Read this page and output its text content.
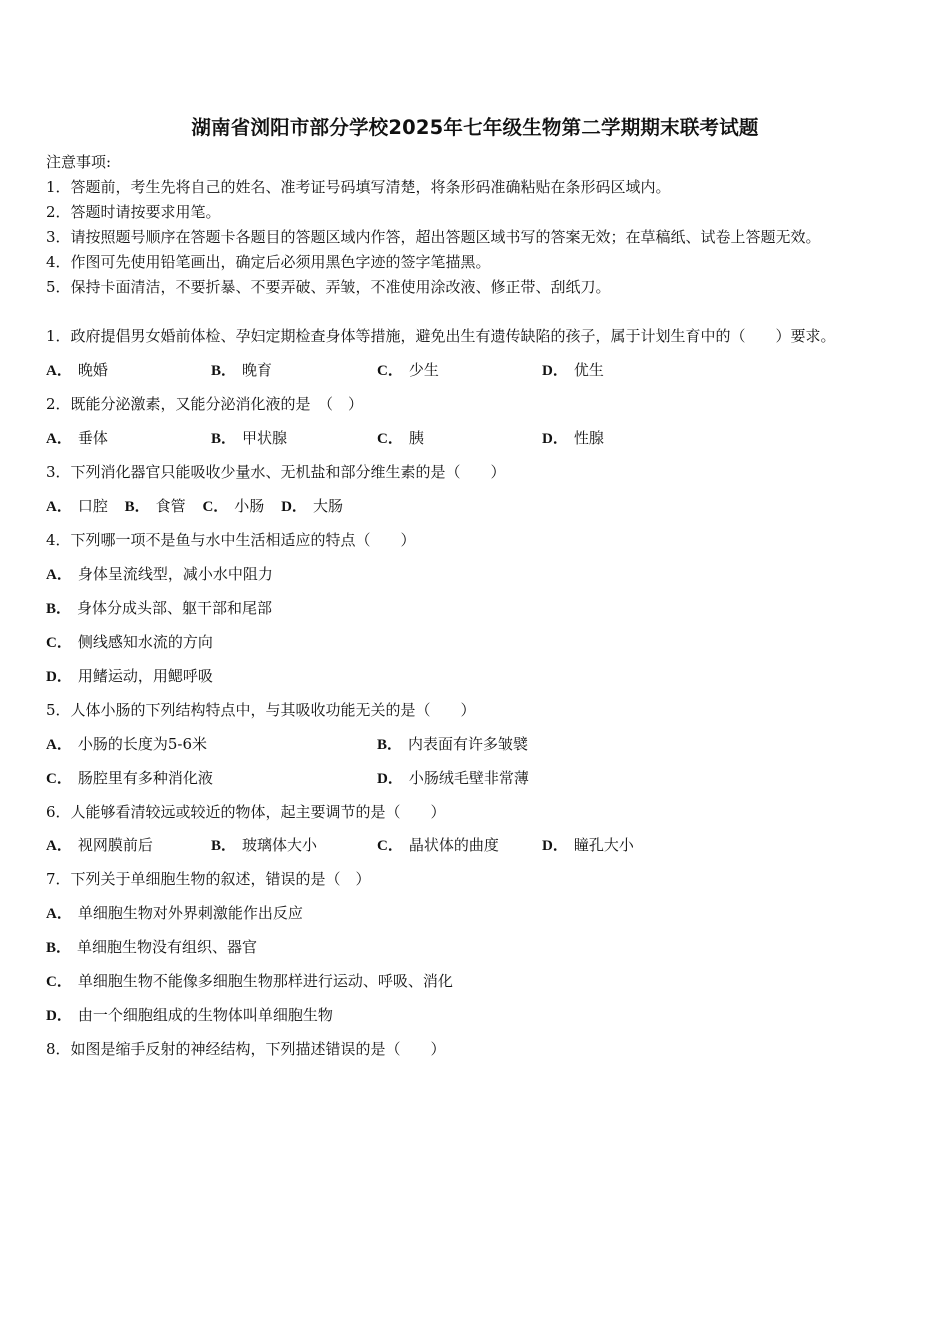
湖南省浏阳市部分学校2025年七年级生物第二学期期末联考试题
注意事项:
1．答题前，考生先将自己的姓名、准考证号码填写清楚，将条形码准确粘贴在条形码区域内。
2．答题时请按要求用笔。
3．请按照题号顺序在答题卡各题目的答题区域内作答，超出答题区域书写的答案无效；在草稿纸、试卷上答题无效。
4．作图可先使用铅笔画出，确定后必须用黑色字迹的签字笔描黑。
5．保持卡面清洁，不要折暴、不要弄破、弄皱，不准使用涂改液、修正带、刮纸刀。
1．政府提倡男女婚前体检、孕妇定期检查身体等措施，避免出生有遗传缺陷的孩子，属于计划生育中的（　　）要求。
A． 晚婚	B． 晚育	C． 少生	D． 优生
2．既能分泌激素，又能分泌消化液的是　（　）
A． 垂体	B． 甲状腺	C． 胰	D． 性腺
3．下列消化器官只能吸收少量水、无机盐和部分维生素的是（　　）
A． 口腔 B． 食管 C． 小肠 D． 大肠
4．下列哪一项不是鱼与水中生活相适应的特点（　　）
A． 身体呈流线型，减小水中阻力
B． 身体分成头部、躯干部和尾部
C． 侧线感知水流的方向
D． 用鳍运动，用鳃呼吸
5．人体小肠的下列结构特点中，与其吸收功能无关的是（　　）
A． 小肠的长度为5-6米	B． 内表面有许多皱襞
C． 肠腔里有多种消化液	D． 小肠绒毛壁非常薄
6．人能够看清较远或较近的物体，起主要调节的是（　　）
A． 视网膜前后	B． 玻璃体大小	C． 晶状体的曲度	D． 瞳孔大小
7．下列关于单细胞生物的叙述，错误的是（　）
A． 单细胞生物对外界刺激能作出反应
B． 单细胞生物没有组织、器官
C． 单细胞生物不能像多细胞生物那样进行运动、呼吸、消化
D． 由一个细胞组成的生物体叫单细胞生物
8．如图是缩手反射的神经结构，下列描述错误的是（　　）
